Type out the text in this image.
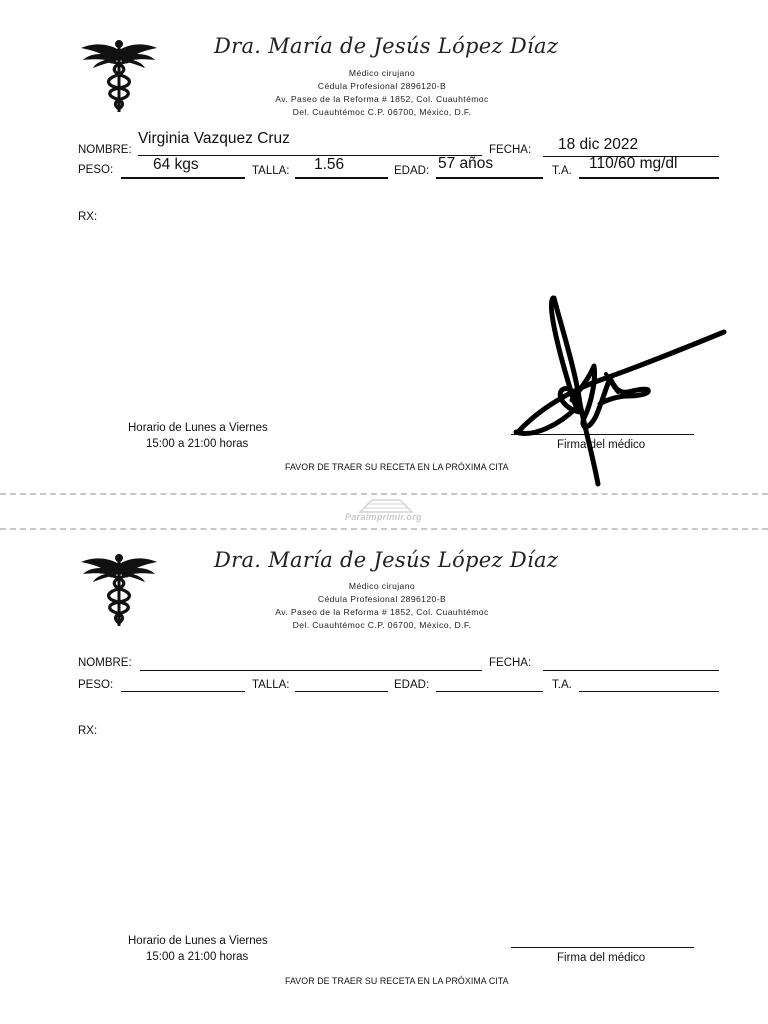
Dra. María de Jesús López Díaz
Médico cirujano
Cédula Profesional 2896120-B
Av. Paseo de la Reforma # 1852, Col. Cuauhtémoc
Del. Cuauhtémoc C.P. 06700, México, D.F.
NOMBRE:
Virginia Vazquez Cruz
FECHA: 18 dic 2022
PESO:	64 kgs	TALLA: 1.56	EDAD: 57 años	T.A. 110/60 mg/dl
RX:
Horario de Lunes a Viernes
15:00 a 21:00 horas	Firma del médico
FAVOR DE TRAER SU RECETA EN LA PRÓXIMA CITA
Paraimprimir.org
Dra. María de Jesús López Díaz
Médico cirujano
Cédula Profesional 2896120-B
Av. Paseo de la Reforma # 1852, Col. Cuauhtémoc
Del. Cuauhtémoc C.P. 06700, México, D.F.
NOMBRE:	FECHA:
PESO:	TALLA:	EDAD:	T.A.
RX:
Horario de Lunes a Viernes
15:00 a 21:00 horas	Firma del médico
FAVOR DE TRAER SU RECETA EN LA PRÓXIMA CITA
